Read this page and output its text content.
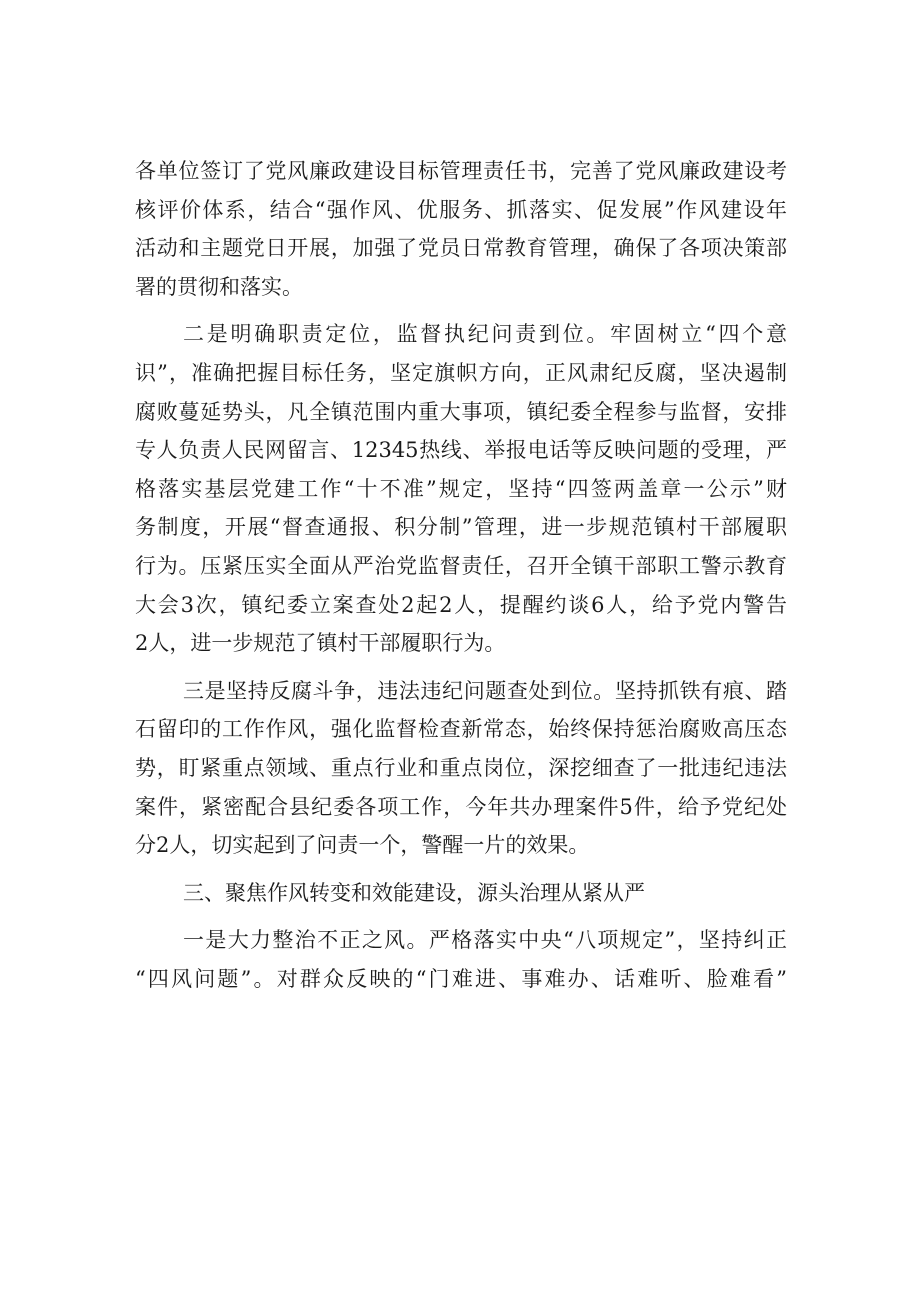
各单位签订了党风廉政建设目标管理责任书，完善了党风廉政建设考
核评价体系，结合“强作风、优服务、抓落实、促发展”作风建设年
活动和主题党日开展，加强了党员日常教育管理，确保了各项决策部
署的贯彻和落实。
二是明确职责定位，监督执纪问责到位。牢固树立“四个意
识”，准确把握目标任务，坚定旗帜方向，正风肃纪反腐，坚决遏制
腐败蔓延势头，凡全镇范围内重大事项，镇纪委全程参与监督，安排
专人负责人民网留言、12345热线、举报电话等反映问题的受理，严
格落实基层党建工作“十不准”规定，坚持“四签两盖章一公示”财
务制度，开展“督查通报、积分制”管理，进一步规范镇村干部履职
行为。压紧压实全面从严治党监督责任，召开全镇干部职工警示教育
大会3次，镇纪委立案查处2起2人，提醒约谈6人，给予党内警告
2人，进一步规范了镇村干部履职行为。
三是坚持反腐斗争，违法违纪问题查处到位。坚持抓铁有痕、踏
石留印的工作作风，强化监督检查新常态，始终保持惩治腐败高压态
势，盯紧重点领域、重点行业和重点岗位，深挖细查了一批违纪违法
案件，紧密配合县纪委各项工作，今年共办理案件5件，给予党纪处
分2人，切实起到了问责一个，警醒一片的效果。
三、聚焦作风转变和效能建设，源头治理从紧从严
一是大力整治不正之风。严格落实中央“八项规定”，坚持纠正
“四风问题”。对群众反映的“门难进、事难办、话难听、脸难看”
